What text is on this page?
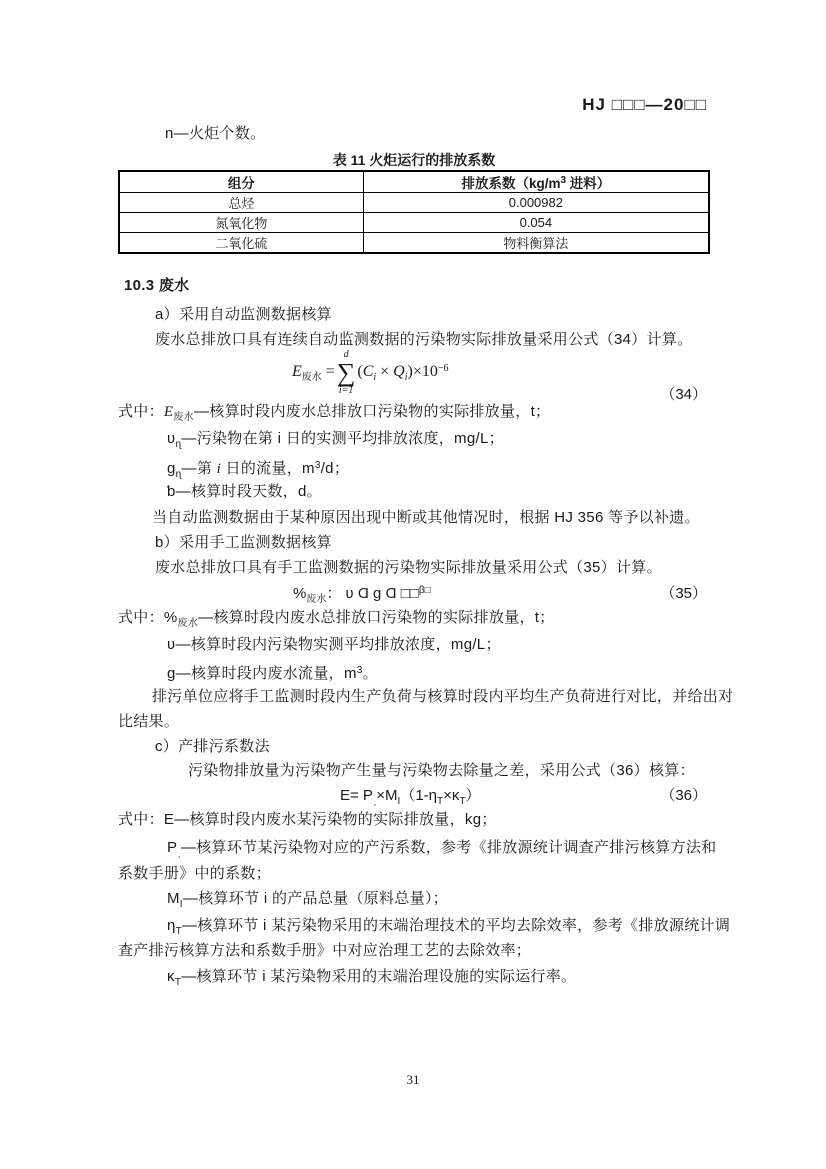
HJ □□□—20□□
n—火炬个数。
表 11 火炬运行的排放系数
组分	排放系数（$kg/m^3$ 进料）
总烃	0.000982
氮氧化物	0.054
二氧化硫	物料衡算法
10.3 废水
a）采用自动监测数据核算
废水总排放口具有连续自动监测数据的污染物实际排放量采用公式（34）计算。
$E_{废水}$ =
d
∑
i=1
$(C_i \times Q_i)\times 10^{-6}$
（34）
式中：$E_{废水}—$核算时段内废水总排放口污染物的实际排放量，t；
ʋ$_ɳ$—污染物在第 i 日的实测平均排放浓度，mg/L；
ɡ$_ɳ$—第 i 日的流量，$m^3/d$；
ƅ—核算时段天数，d。
当自动监测数据由于某种原因出现中断或其他情况时，根据 HJ 356 等予以补遗。
b）采用手工监测数据核算
废水总排放口具有手工监测数据的污染物实际排放量采用公式（35）计算。
$\%_{废水}$： ʋ Ɑ ɡ Ɑ □□$^{\beta□}$	（35）
式中：$\%_{废水}—$核算时段内废水总排放口污染物的实际排放量，t；
ʋ—核算时段内污染物实测平均排放浓度，mg/L；
ɡ—核算时段内废水流量，$m^3$。
排污单位应将手工监测时段内生产负荷与核算时段内平均生产负荷进行对比，并给出对
比结果。
c）产排污系数法
污染物排放量为污染物产生量与污染物去除量之差，采用公式（36）核算：
$E= P_ˏ\times M_I(1-\eta_T\times\kappa_T)$	（36）
式中：E—核算时段内废水某污染物的实际排放量，kg；
$P_ˏ—$核算环节某污染物对应的产污系数，参考《排放源统计调查产排污核算方法和
系数手册》中的系数；
$M_I—$核算环节 i 的产品总量（原料总量）；
$\eta_T—$核算环节 i 某污染物采用的末端治理技术的平均去除效率，参考《排放源统计调
查产排污核算方法和系数手册》中对应治理工艺的去除效率；
$\kappa_T—$核算环节 i 某污染物采用的末端治理设施的实际运行率。
31
